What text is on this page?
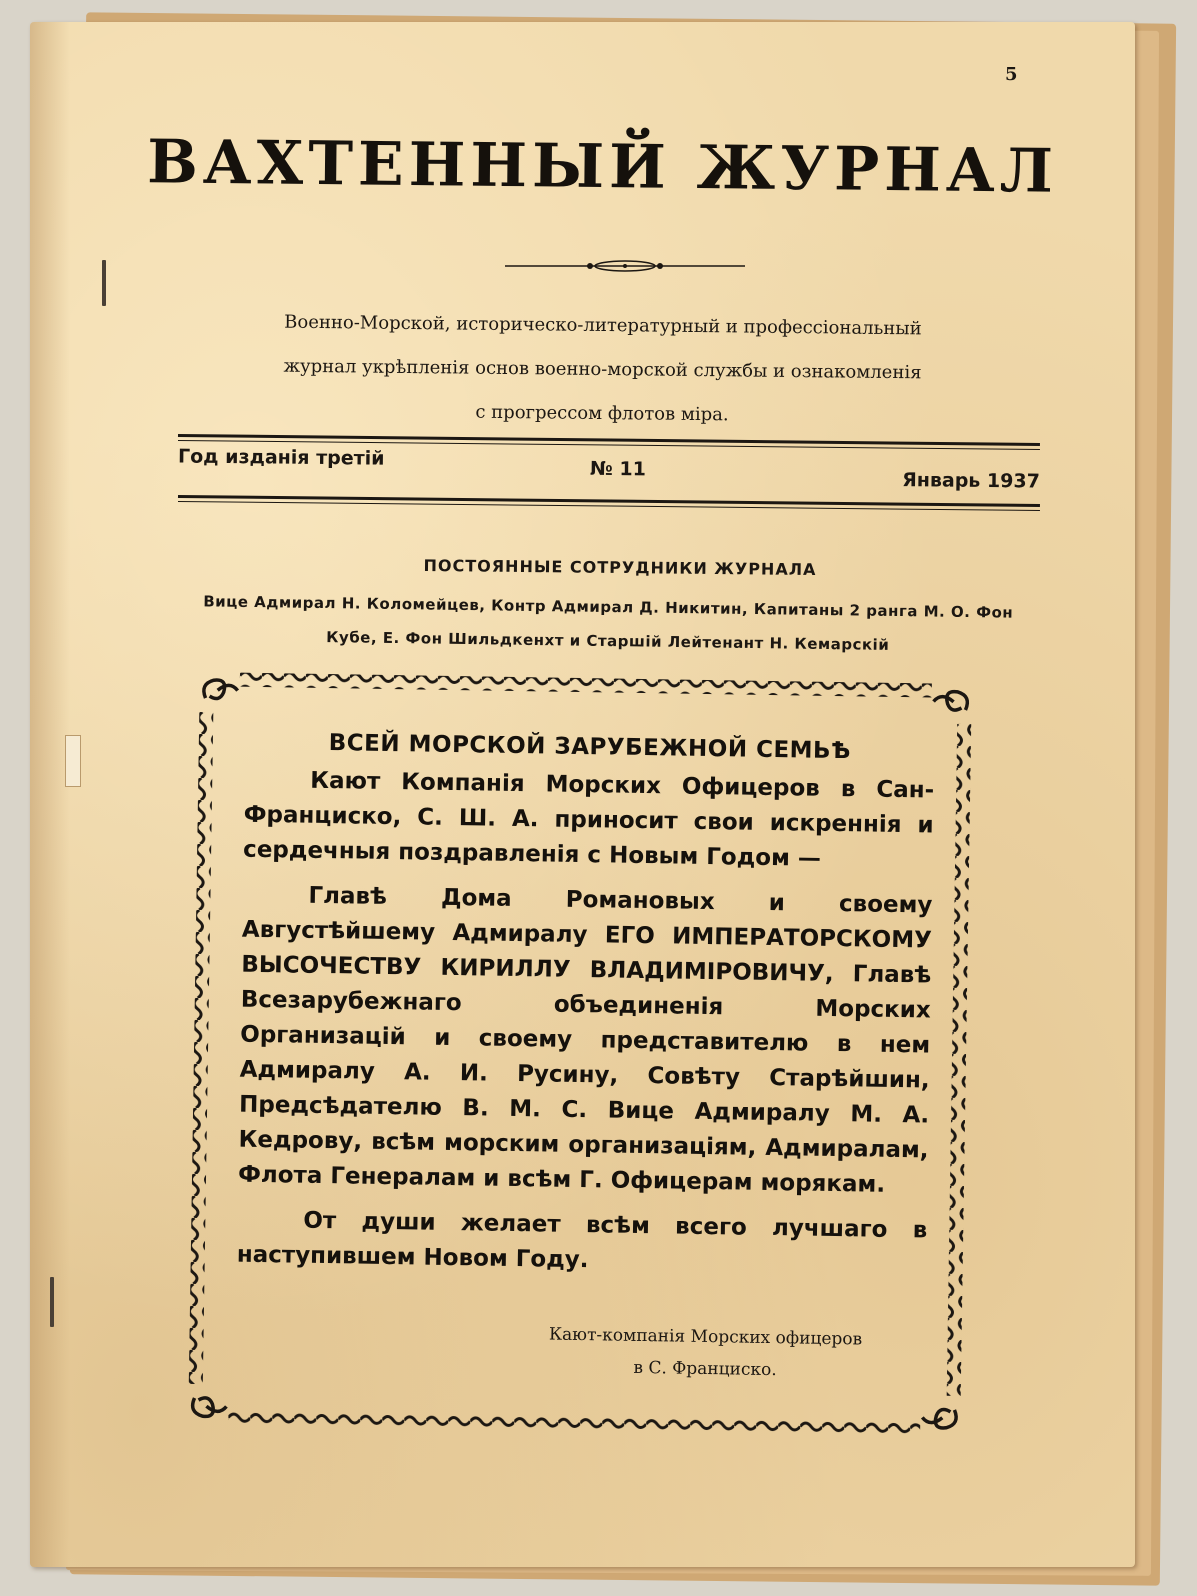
5
ВАХТЕННЫЙ ЖУРНАЛ
Военно-Морской, историческо-литературный и профессіональный
журнал укрѣпленія основ военно-морской службы и ознакомленія
с прогрессом флотов міра.
Год изданія третій	№ 11	Январь 1937
ПОСТОЯННЫЕ СОТРУДНИКИ ЖУРНАЛА
Вице Адмирал Н. Коломейцев, Контр Адмирал Д. Никитин, Капитаны 2 ранга М. О. Фон
Кубе, Е. Фон Шильдкенхт и Старшій Лейтенант Н. Кемарскій
ВСЕЙ МОРСКОЙ ЗАРУБЕЖНОЙ СЕМЬѢ

Кают Компанія Морских Офицеров в Сан-Франциско, С. Ш. А. приносит свои искреннія и сердечныя поздравленія с Новым Годом —

Главѣ Дома Романовых и своему Августѣйшему Адмиралу ЕГО ИМПЕРАТОРСКОМУ ВЫСОЧЕСТВУ КИРИЛЛУ ВЛАДИМІРОВИЧУ, Главѣ Всезарубежнаго объединенія Морских Организацій и своему представителю в нем Адмиралу А. И. Русину, Совѣту Старѣйшин, Предсѣдателю В. М. С. Вице Адмиралу М. А. Кедрову, всѣм морским организаціям, Адмиралам, Флота Генералам и всѣм Г. Офицерам морякам.

От души желает всѣм всего лучшаго в наступившем Новом Году.

Кают-компанія Морских офицеров
в С. Франциско.
